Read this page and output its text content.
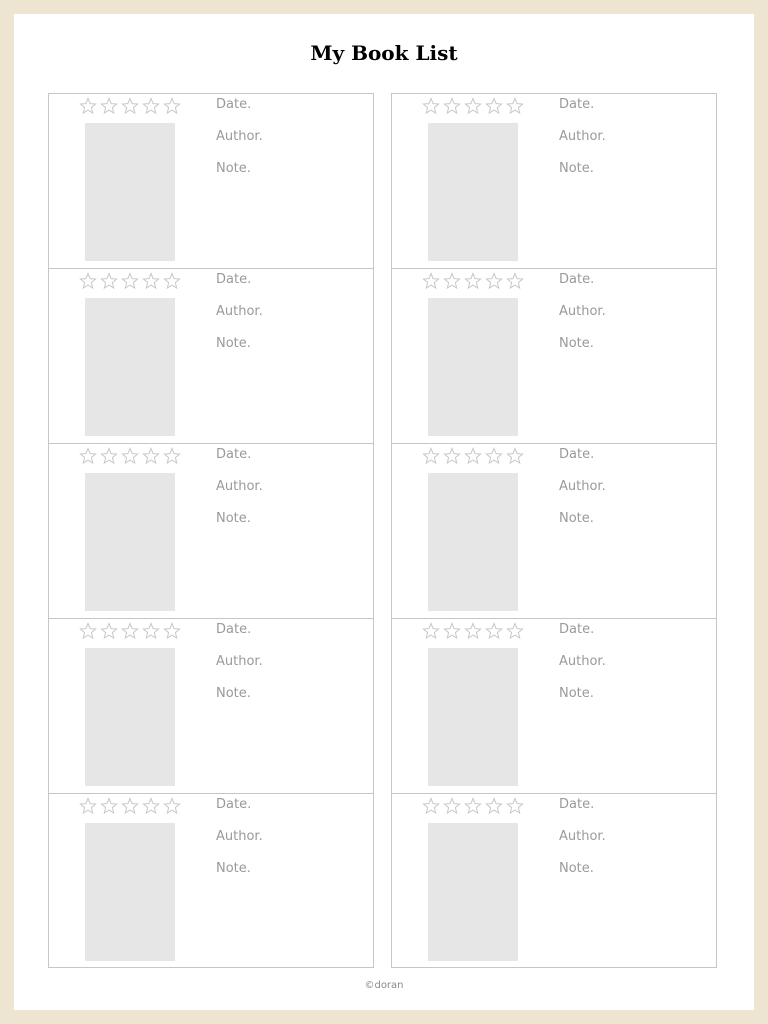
My Book List
Date.
Author.
Note.
Date.
Author.
Note.
Date.
Author.
Note.
Date.
Author.
Note.
Date.
Author.
Note.
Date.
Author.
Note.
Date.
Author.
Note.
Date.
Author.
Note.
Date.
Author.
Note.
Date.
Author.
Note.
©doran
